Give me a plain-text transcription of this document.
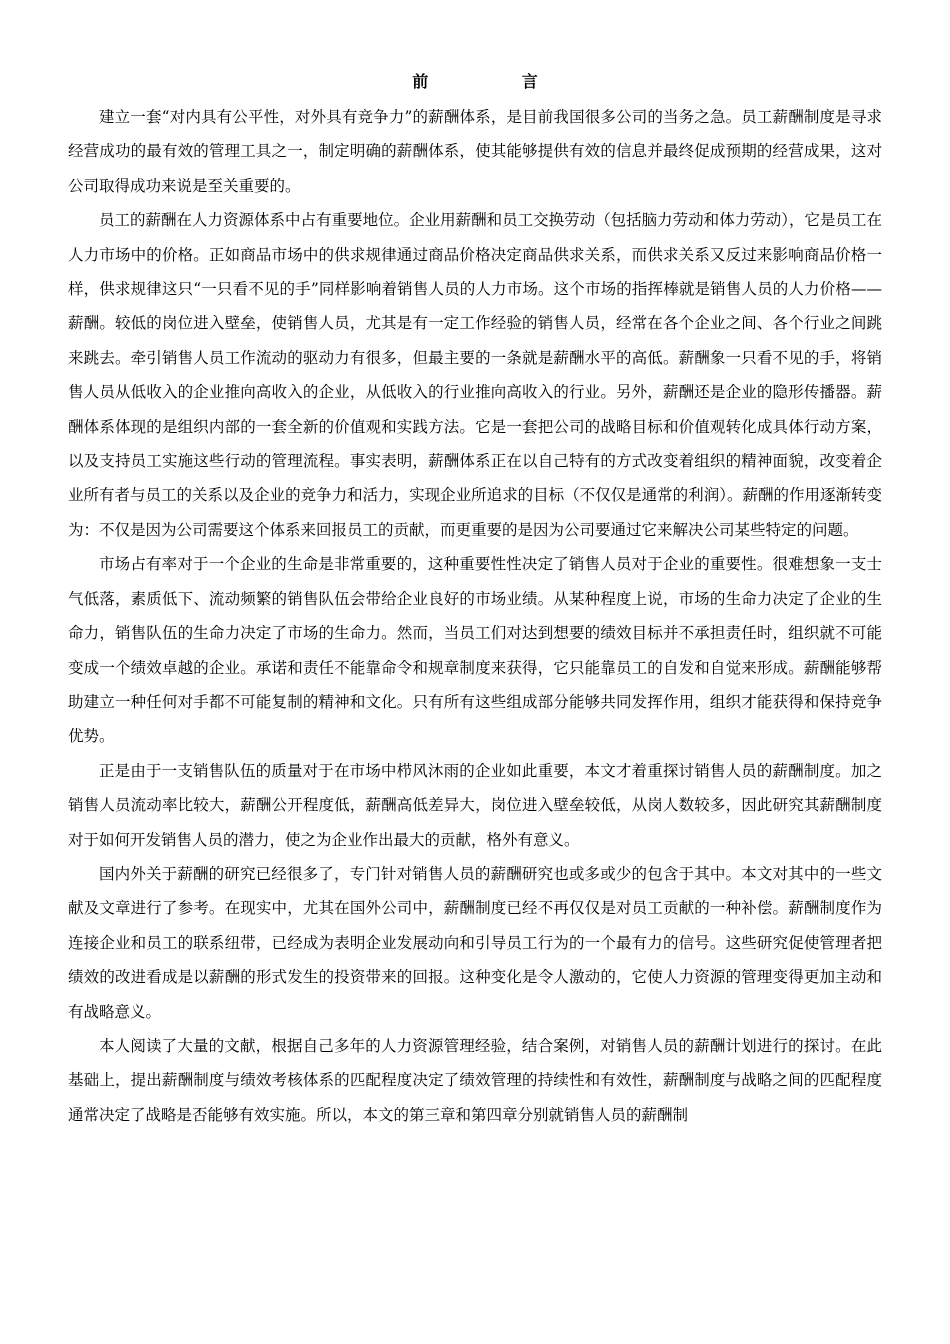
前 言

建立一套“对内具有公平性，对外具有竞争力”的薪酬体系，是目前我国很多公司的当务之急。员工薪酬制度是寻求经营成功的最有效的管理工具之一，制定明确的薪酬体系，使其能够提供有效的信息并最终促成预期的经营成果，这对公司取得成功来说是至关重要的。

员工的薪酬在人力资源体系中占有重要地位。企业用薪酬和员工交换劳动（包括脑力劳动和体力劳动），它是员工在人力市场中的价格。正如商品市场中的供求规律通过商品价格决定商品供求关系，而供求关系又反过来影响商品价格一样，供求规律这只“一只看不见的手”同样影响着销售人员的人力市场。这个市场的指挥棒就是销售人员的人力价格——薪酬。较低的岗位进入壁垒，使销售人员，尤其是有一定工作经验的销售人员，经常在各个企业之间、各个行业之间跳来跳去。牵引销售人员工作流动的驱动力有很多，但最主要的一条就是薪酬水平的高低。薪酬象一只看不见的手，将销售人员从低收入的企业推向高收入的企业，从低收入的行业推向高收入的行业。另外，薪酬还是企业的隐形传播器。薪酬体系体现的是组织内部的一套全新的价值观和实践方法。它是一套把公司的战略目标和价值观转化成具体行动方案，以及支持员工实施这些行动的管理流程。事实表明，薪酬体系正在以自己特有的方式改变着组织的精神面貌，改变着企业所有者与员工的关系以及企业的竞争力和活力，实现企业所追求的目标（不仅仅是通常的利润）。薪酬的作用逐渐转变为：不仅是因为公司需要这个体系来回报员工的贡献，而更重要的是因为公司要通过它来解决公司某些特定的问题。

市场占有率对于一个企业的生命是非常重要的，这种重要性性决定了销售人员对于企业的重要性。很难想象一支士气低落，素质低下、流动频繁的销售队伍会带给企业良好的市场业绩。从某种程度上说，市场的生命力决定了企业的生命力，销售队伍的生命力决定了市场的生命力。然而，当员工们对达到想要的绩效目标并不承担责任时，组织就不可能变成一个绩效卓越的企业。承诺和责任不能靠命令和规章制度来获得，它只能靠员工的自发和自觉来形成。薪酬能够帮助建立一种任何对手都不可能复制的精神和文化。只有所有这些组成部分能够共同发挥作用，组织才能获得和保持竞争优势。

正是由于一支销售队伍的质量对于在市场中栉风沐雨的企业如此重要，本文才着重探讨销售人员的薪酬制度。加之销售人员流动率比较大，薪酬公开程度低，薪酬高低差异大，岗位进入壁垒较低，从岗人数较多，因此研究其薪酬制度对于如何开发销售人员的潜力，使之为企业作出最大的贡献，格外有意义。

国内外关于薪酬的研究已经很多了，专门针对销售人员的薪酬研究也或多或少的包含于其中。本文对其中的一些文献及文章进行了参考。在现实中，尤其在国外公司中，薪酬制度已经不再仅仅是对员工贡献的一种补偿。薪酬制度作为连接企业和员工的联系纽带，已经成为表明企业发展动向和引导员工行为的一个最有力的信号。这些研究促使管理者把绩效的改进看成是以薪酬的形式发生的投资带来的回报。这种变化是令人激动的，它使人力资源的管理变得更加主动和有战略意义。

本人阅读了大量的文献，根据自己多年的人力资源管理经验，结合案例，对销售人员的薪酬计划进行的探讨。在此基础上，提出薪酬制度与绩效考核体系的匹配程度决定了绩效管理的持续性和有效性，薪酬制度与战略之间的匹配程度通常决定了战略是否能够有效实施。所以，本文的第三章和第四章分别就销售人员的薪酬制
